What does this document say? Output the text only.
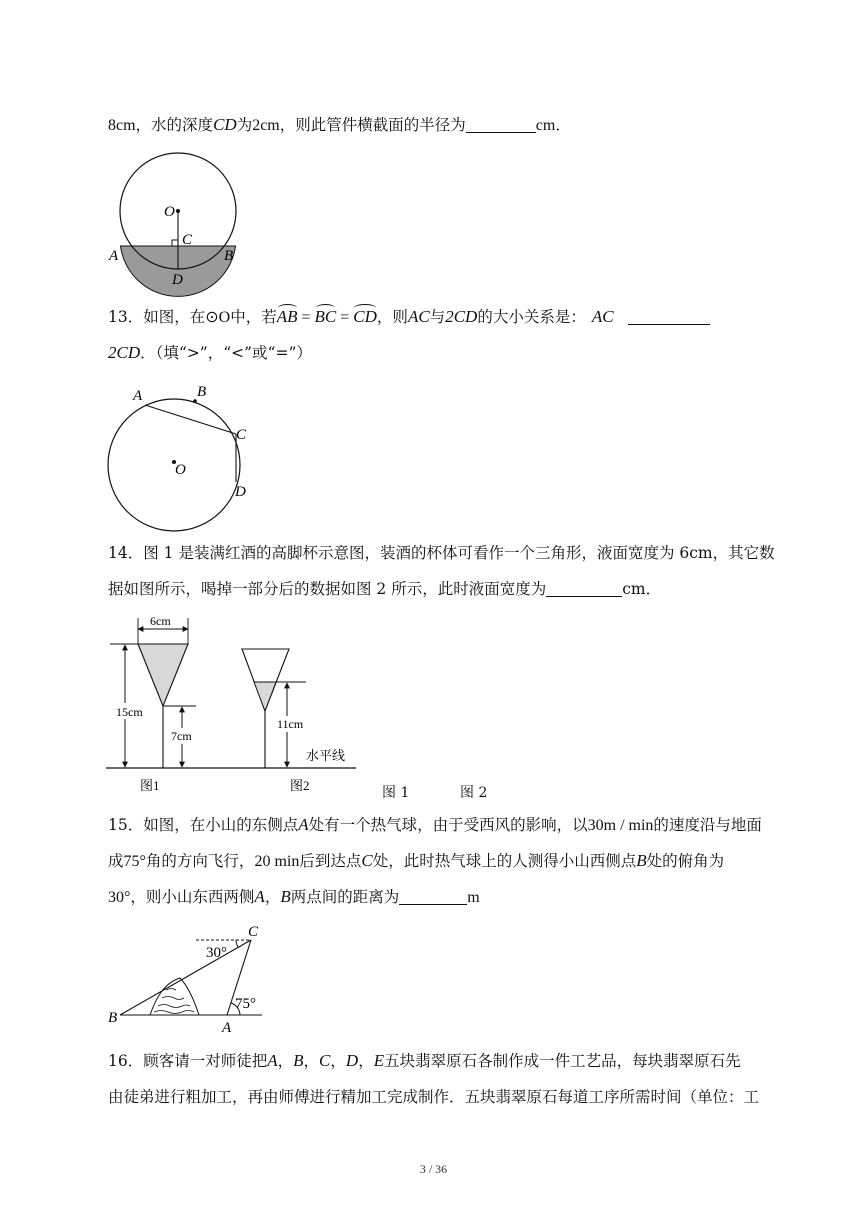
8cm，水的深度CD为2cm，则此管件横截面的半径为	cm．
O
C
A	B
D
13．如图，在⊙O中，若AB = BC = CD，则AC与2CD的大小关系是： AC
2CD．（填“>”，“<”或“=”）
A	B
C
D
O
14．图 1 是装满红酒的高脚杯示意图，装酒的杯体可看作一个三角形，液面宽度为 6cm，其它数
据如图所示，喝掉一部分后的数据如图 2 所示，此时液面宽度为	cm．
6cm
15cm
7cm
图1
11cm
水平线
图2	图 1	图 2
15．如图，在小山的东侧点A处有一个热气球，由于受西风的影响，以30m / min的速度沿与地面
成75°角的方向飞行，20 min后到达点C处，此时热气球上的人测得小山西侧点B处的俯角为
30°，则小山东西两侧A，B两点间的距离为	m
C
B
A
30°
75°
16．顾客请一对师徒把A，B，C，D，E五块翡翠原石各制作成一件工艺品，每块翡翠原石先
由徒弟进行粗加工，再由师傅进行精加工完成制作．五块翡翠原石每道工序所需时间（单位：工
3 / 36
